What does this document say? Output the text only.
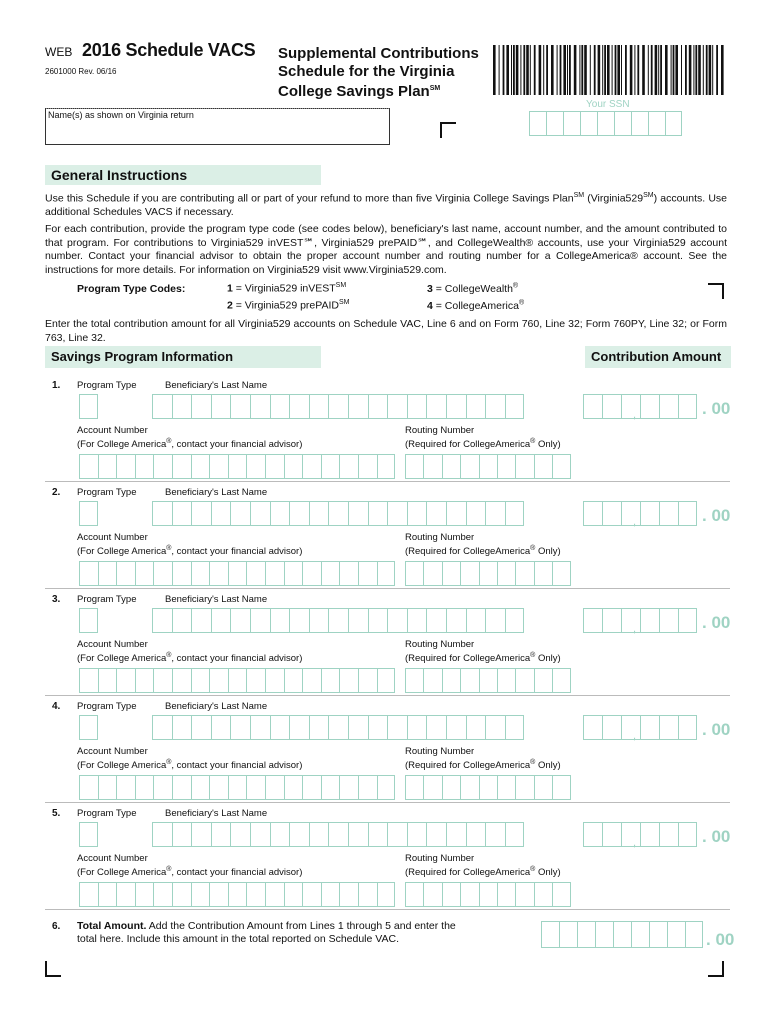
WEB 2016 Schedule VACS
2601000 Rev. 06/16
Supplemental Contributions
Schedule for the Virginia
College Savings Plan℠
Your SSN
Name(s) as shown on Virginia return
General Instructions
Use this Schedule if you are contributing all or part of your refund to more than five Virginia College Savings Plan℠ (Virginia529℠) accounts. Use additional Schedules VACS if necessary.
For each contribution, provide the program type code (see codes below), beneficiary's last name, account number, and the amount contributed to that program. For contributions to Virginia529 inVEST℠, Virginia529 prePAID℠, and CollegeWealth® accounts, use your Virginia529 account number. Contact your financial advisor to obtain the proper account number and routing number for a CollegeAmerica® account. See the instructions for more details. For information on Virginia529 visit www.Virginia529.com.
Program Type Codes:	1 = Virginia529 inVEST℠	3 = CollegeWealth®
2 = Virginia529 prePAID℠	4 = CollegeAmerica®
Enter the total contribution amount for all Virginia529 accounts on Schedule VAC, Line 6 and on Form 760, Line 32; Form 760PY, Line 32; or Form 763, Line 32.
Savings Program Information	Contribution Amount
1. Program Type	Beneficiary's Last Name
,	. 00
Account Number
(For College America®, contact your financial advisor)
Routing Number
(Required for CollegeAmerica® Only)
2. Program Type	Beneficiary's Last Name
,	. 00
Account Number
(For College America®, contact your financial advisor)
Routing Number
(Required for CollegeAmerica® Only)
3. Program Type	Beneficiary's Last Name
,	. 00
Account Number
(For College America®, contact your financial advisor)
Routing Number
(Required for CollegeAmerica® Only)
4. Program Type	Beneficiary's Last Name
,	. 00
Account Number
(For College America®, contact your financial advisor)
Routing Number
(Required for CollegeAmerica® Only)
5. Program Type	Beneficiary's Last Name
,	. 00
Account Number
(For College America®, contact your financial advisor)
Routing Number
(Required for CollegeAmerica® Only)
6. Total Amount. Add the Contribution Amount from Lines 1 through 5 and enter the
total here. Include this amount in the total reported on Schedule VAC.	. 00
